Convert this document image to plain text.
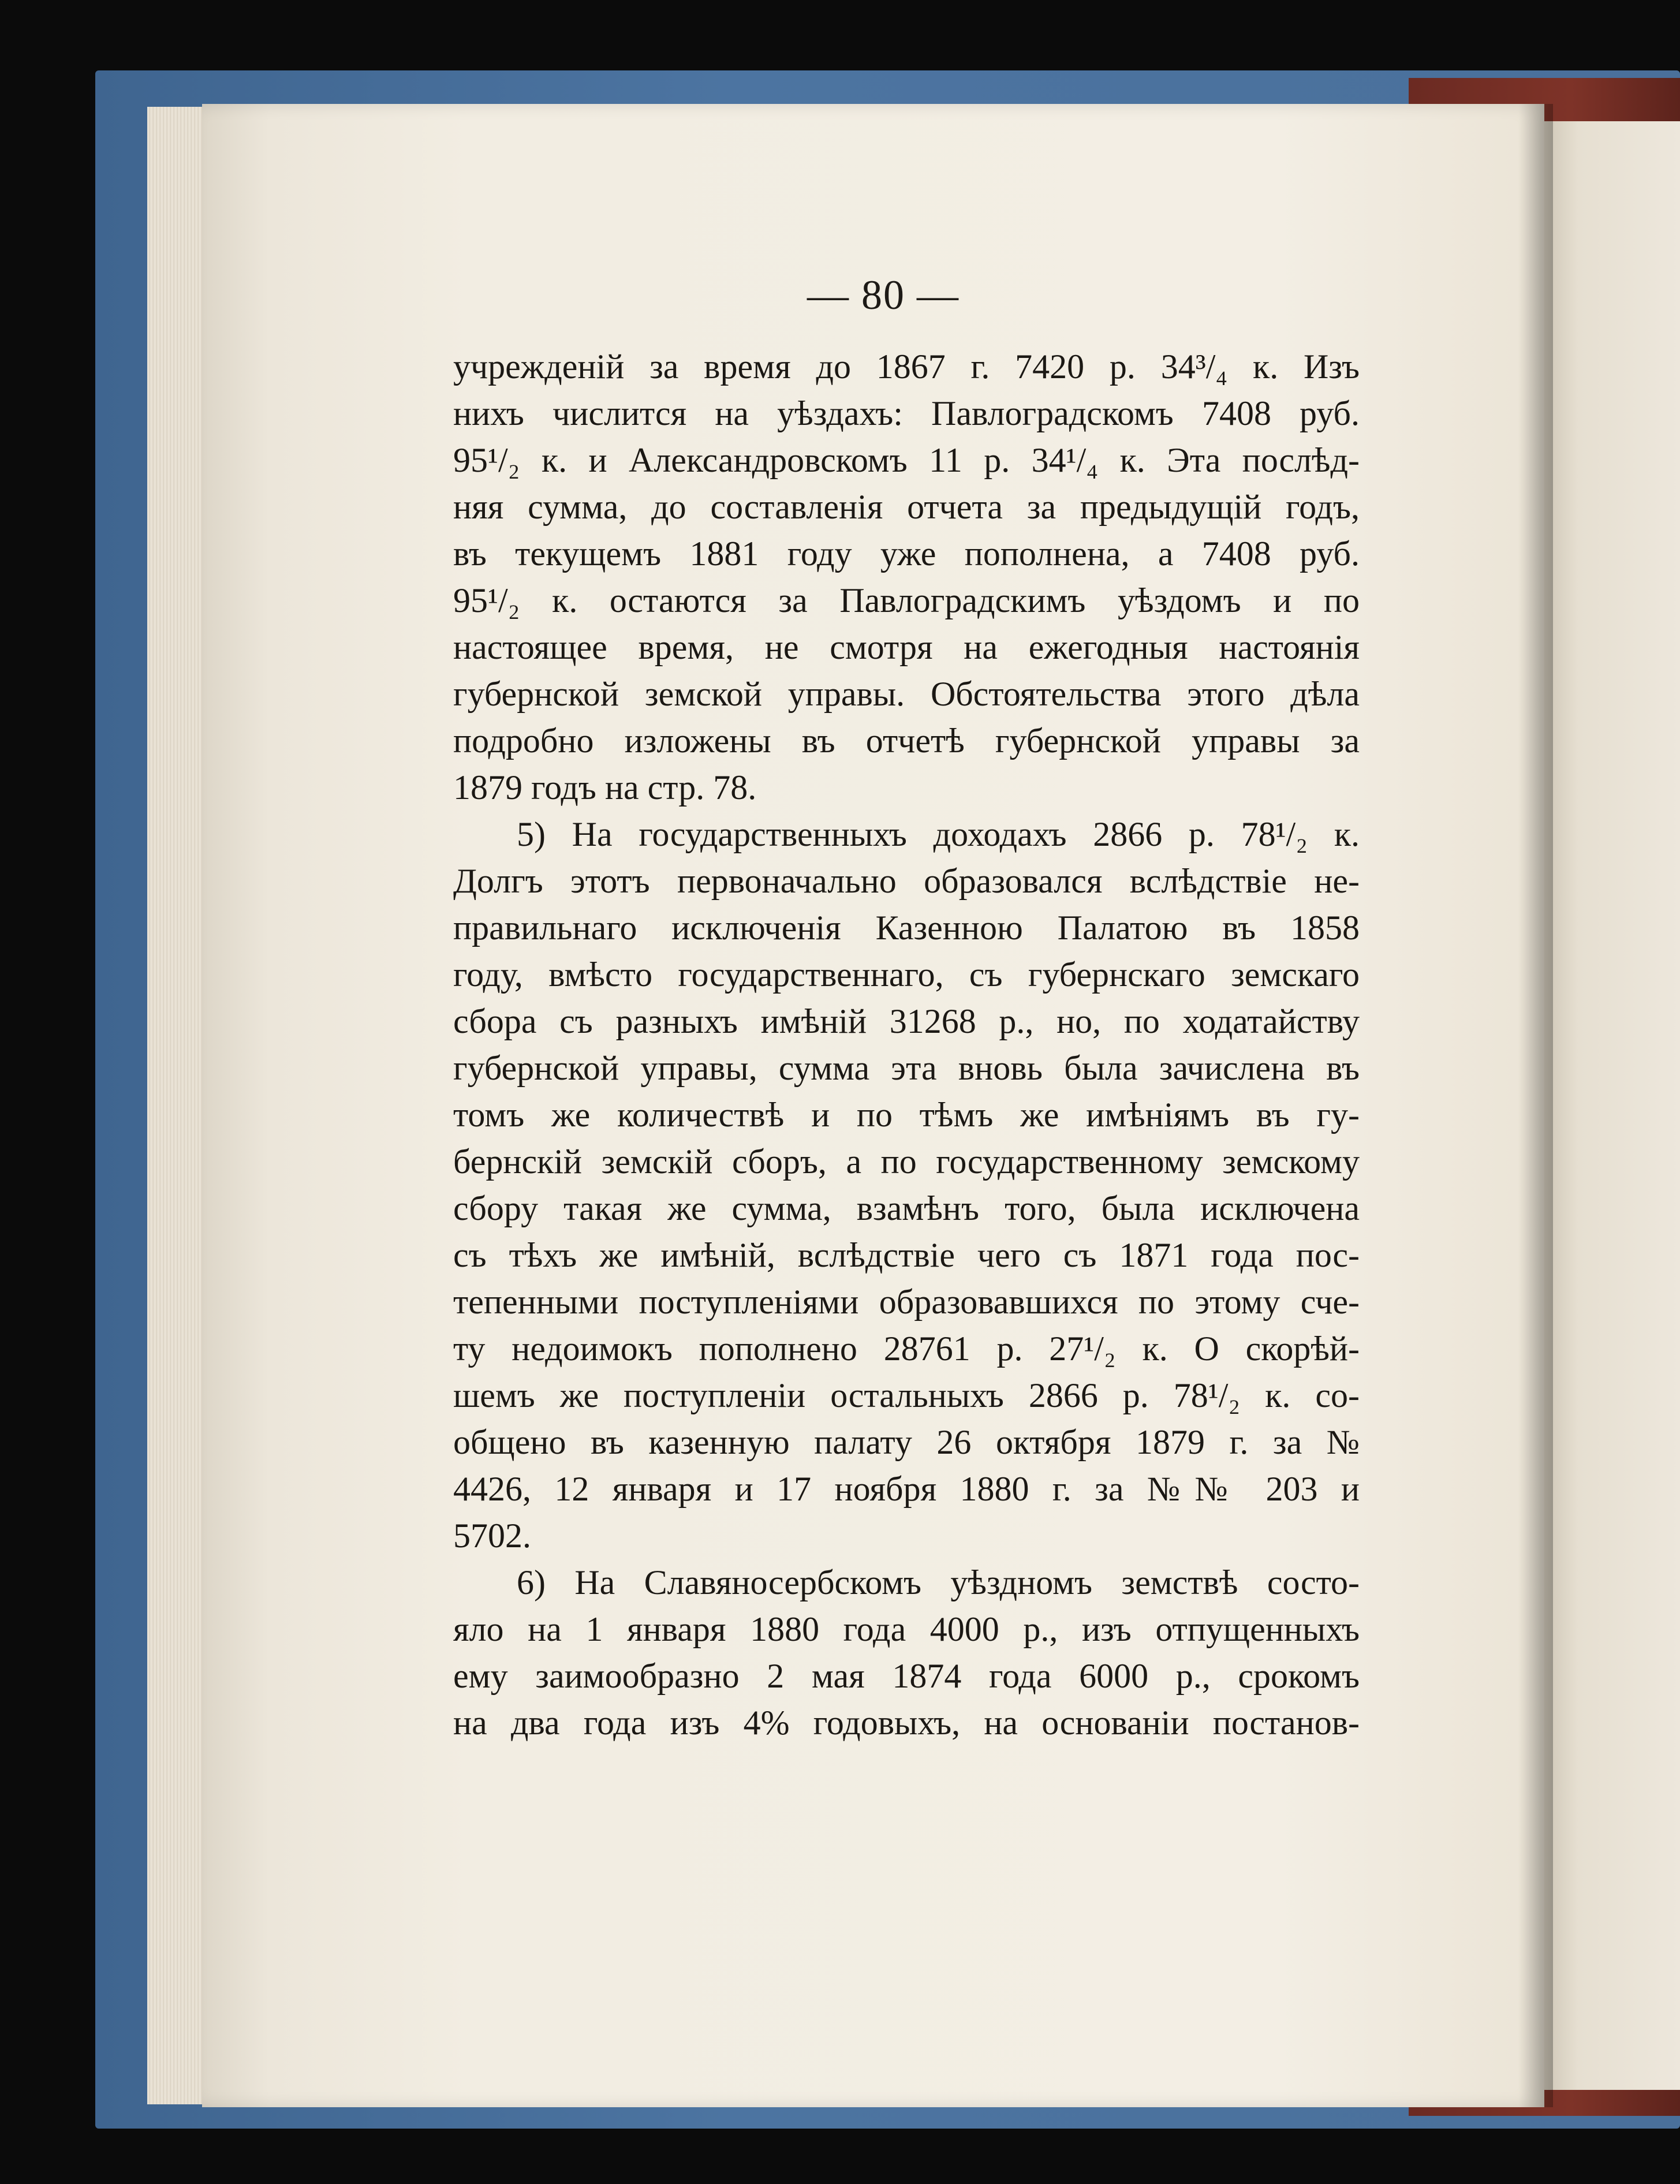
— 80 —
учрежденій за время до 1867 г. 7420 р. 34³/₄ к. Изъ
нихъ числится на уѣздахъ: Павлоградскомъ 7408 руб.
95¹/₂ к. и Александровскомъ 11 р. 34¹/₄ к. Эта послѣд-
няя сумма, до составленія отчета за предыдущій годъ,
въ текущемъ 1881 году уже пополнена, а 7408 руб.
95¹/₂ к. остаются за Павлоградскимъ уѣздомъ и по
настоящее время, не смотря на ежегодныя настоянія
губернской земской управы. Обстоятельства этого дѣла
подробно изложены въ отчетѣ губернской управы за
1879 годъ на стр. 78.
5) На государственныхъ доходахъ 2866 р. 78¹/₂ к.
Долгъ этотъ первоначально образовался вслѣдствіе не-
правильнаго исключенія Казенною Палатою въ 1858
году, вмѣсто государственнаго, съ губернскаго земскаго
сбора съ разныхъ имѣній 31268 р., но, по ходатайству
губернской управы, сумма эта вновь была зачислена въ
томъ же количествѣ и по тѣмъ же имѣніямъ въ гу-
бернскій земскій сборъ, а по государственному земскому
сбору такая же сумма, взамѣнъ того, была исключена
съ тѣхъ же имѣній, вслѣдствіе чего съ 1871 года пос-
тепенными поступленіями образовавшихся по этому сче-
ту недоимокъ пополнено 28761 р. 27¹/₂ к. О скорѣй-
шемъ же поступленіи остальныхъ 2866 р. 78¹/₂ к. со-
общено въ казенную палату 26 октября 1879 г. за №
4426, 12 января и 17 ноября 1880 г. за №№ 203 и
5702.
6) На Славяносербскомъ уѣздномъ земствѣ состо-
яло на 1 января 1880 года 4000 р., изъ отпущенныхъ
ему заимообразно 2 мая 1874 года 6000 р., срокомъ
на два года изъ 4% годовыхъ, на основаніи постанов-
